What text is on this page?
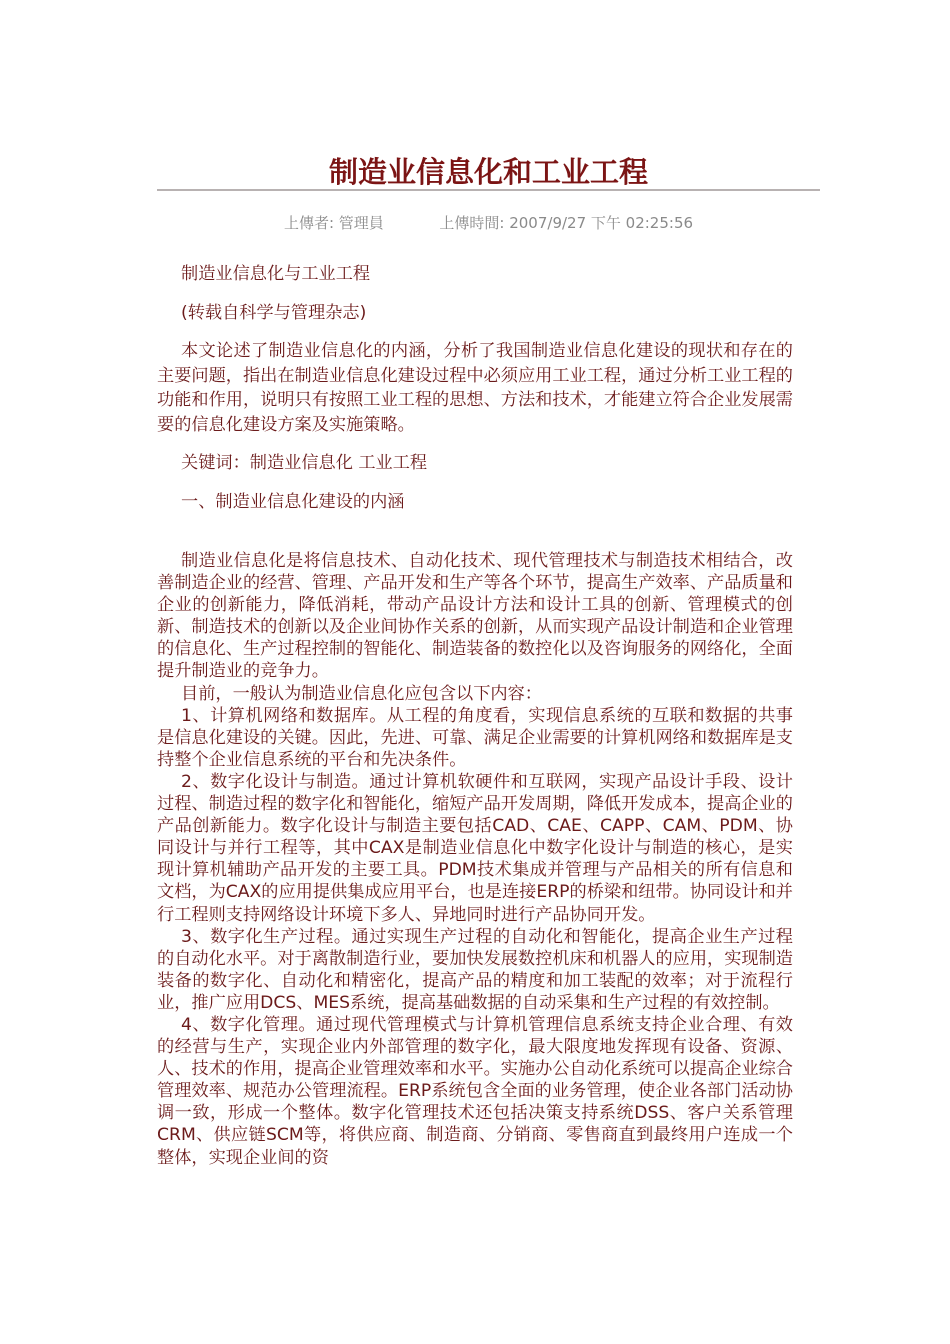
制造业信息化和工业工程
上傳者: 管理員	上傳時間: 2007/9/27 下午 02:25:56

制造业信息化与工业工程

(转载自科学与管理杂志)

本文论述了制造业信息化的内涵，分析了我国制造业信息化建设的现状和存在的主要问题，指出在制造业信息化建设过程中必须应用工业工程，通过分析工业工程的功能和作用，说明只有按照工业工程的思想、方法和技术，才能建立符合企业发展需要的信息化建设方案及实施策略。

关键词：制造业信息化 工业工程

一、制造业信息化建设的内涵

制造业信息化是将信息技术、自动化技术、现代管理技术与制造技术相结合，改善制造企业的经营、管理、产品开发和生产等各个环节，提高生产效率、产品质量和企业的创新能力，降低消耗，带动产品设计方法和设计工具的创新、管理模式的创新、制造技术的创新以及企业间协作关系的创新，从而实现产品设计制造和企业管理的信息化、生产过程控制的智能化、制造装备的数控化以及咨询服务的网络化，全面提升制造业的竞争力。

目前，一般认为制造业信息化应包含以下内容：

1、计算机网络和数据库。从工程的角度看，实现信息系统的互联和数据的共事是信息化建设的关键。因此，先进、可靠、满足企业需要的计算机网络和数据库是支持整个企业信息系统的平台和先决条件。

2、数字化设计与制造。通过计算机软硬件和互联网，实现产品设计手段、设计过程、制造过程的数字化和智能化，缩短产品开发周期，降低开发成本，提高企业的产品创新能力。数字化设计与制造主要包括CAD、CAE、CAPP、CAM、PDM、协同设计与并行工程等，其中CAX是制造业信息化中数字化设计与制造的核心，是实现计算机辅助产品开发的主要工具。PDM技术集成并管理与产品相关的所有信息和文档，为CAX的应用提供集成应用平台，也是连接ERP的桥梁和纽带。协同设计和并行工程则支持网络设计环境下多人、异地同时进行产品协同开发。

3、数字化生产过程。通过实现生产过程的自动化和智能化，提高企业生产过程的自动化水平。对于离散制造行业，要加快发展数控机床和机器人的应用，实现制造装备的数字化、自动化和精密化，提高产品的精度和加工装配的效率；对于流程行业，推广应用DCS、MES系统，提高基础数据的自动采集和生产过程的有效控制。

4、数字化管理。通过现代管理模式与计算机管理信息系统支持企业合理、有效的经营与生产，实现企业内外部管理的数字化，最大限度地发挥现有设备、资源、人、技术的作用，提高企业管理效率和水平。实施办公自动化系统可以提高企业综合管理效率、规范办公管理流程。ERP系统包含全面的业务管理，使企业各部门活动协调一致，形成一个整体。数字化管理技术还包括决策支持系统DSS、客户关系管理CRM、供应链SCM等，将供应商、制造商、分销商、零售商直到最终用户连成一个整体，实现企业间的资
